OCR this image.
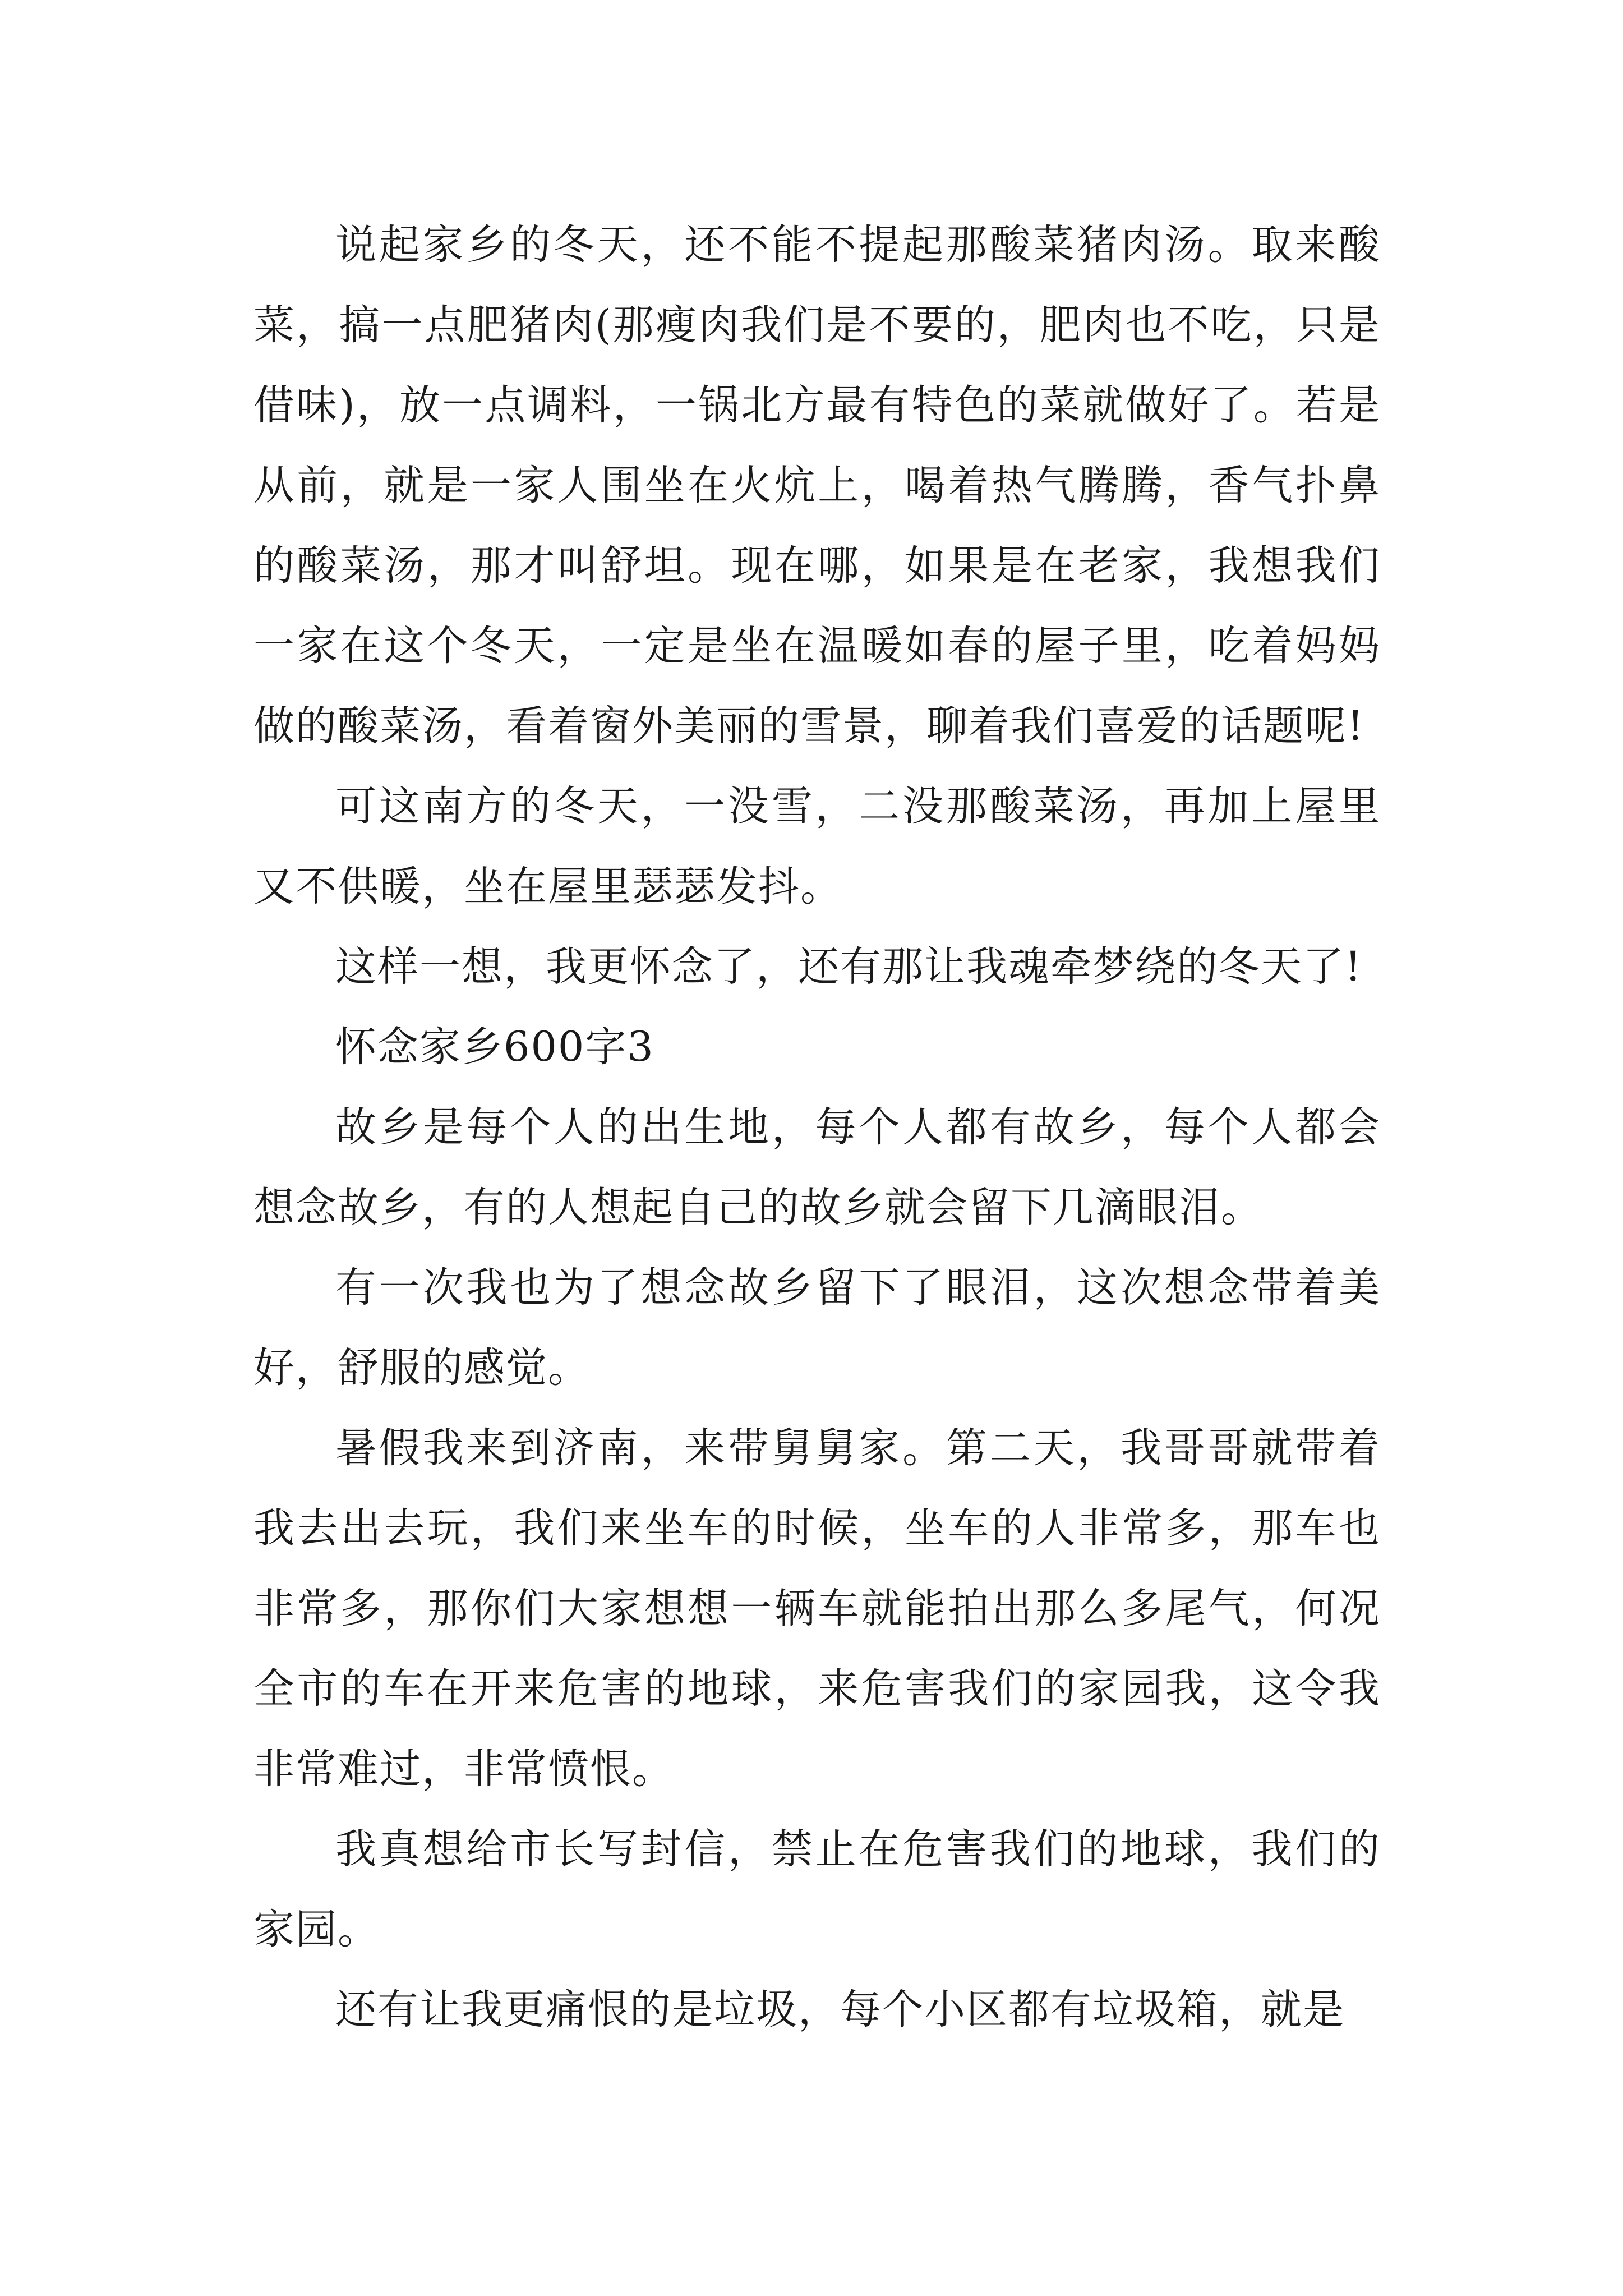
说起家乡的冬天，还不能不提起那酸菜猪肉汤。取来酸菜，搞一点肥猪肉(那瘦肉我们是不要的，肥肉也不吃，只是借味)，放一点调料，一锅北方最有特色的菜就做好了。若是从前，就是一家人围坐在火炕上，喝着热气腾腾，香气扑鼻的酸菜汤，那才叫舒坦。现在哪，如果是在老家，我想我们一家在这个冬天，一定是坐在温暖如春的屋子里，吃着妈妈做的酸菜汤，看着窗外美丽的雪景，聊着我们喜爱的话题呢!

可这南方的冬天，一没雪，二没那酸菜汤，再加上屋里又不供暖，坐在屋里瑟瑟发抖。

这样一想，我更怀念了，还有那让我魂牵梦绕的冬天了!

怀念家乡600字3

故乡是每个人的出生地，每个人都有故乡，每个人都会想念故乡，有的人想起自己的故乡就会留下几滴眼泪。

有一次我也为了想念故乡留下了眼泪，这次想念带着美好，舒服的感觉。

暑假我来到济南，来带舅舅家。第二天，我哥哥就带着我去出去玩，我们来坐车的时候，坐车的人非常多，那车也非常多，那你们大家想想一辆车就能拍出那么多尾气，何况全市的车在开来危害的地球，来危害我们的家园我，这令我非常难过，非常愤恨。

我真想给市长写封信，禁止在危害我们的地球，我们的家园。

还有让我更痛恨的是垃圾，每个小区都有垃圾箱，就是
